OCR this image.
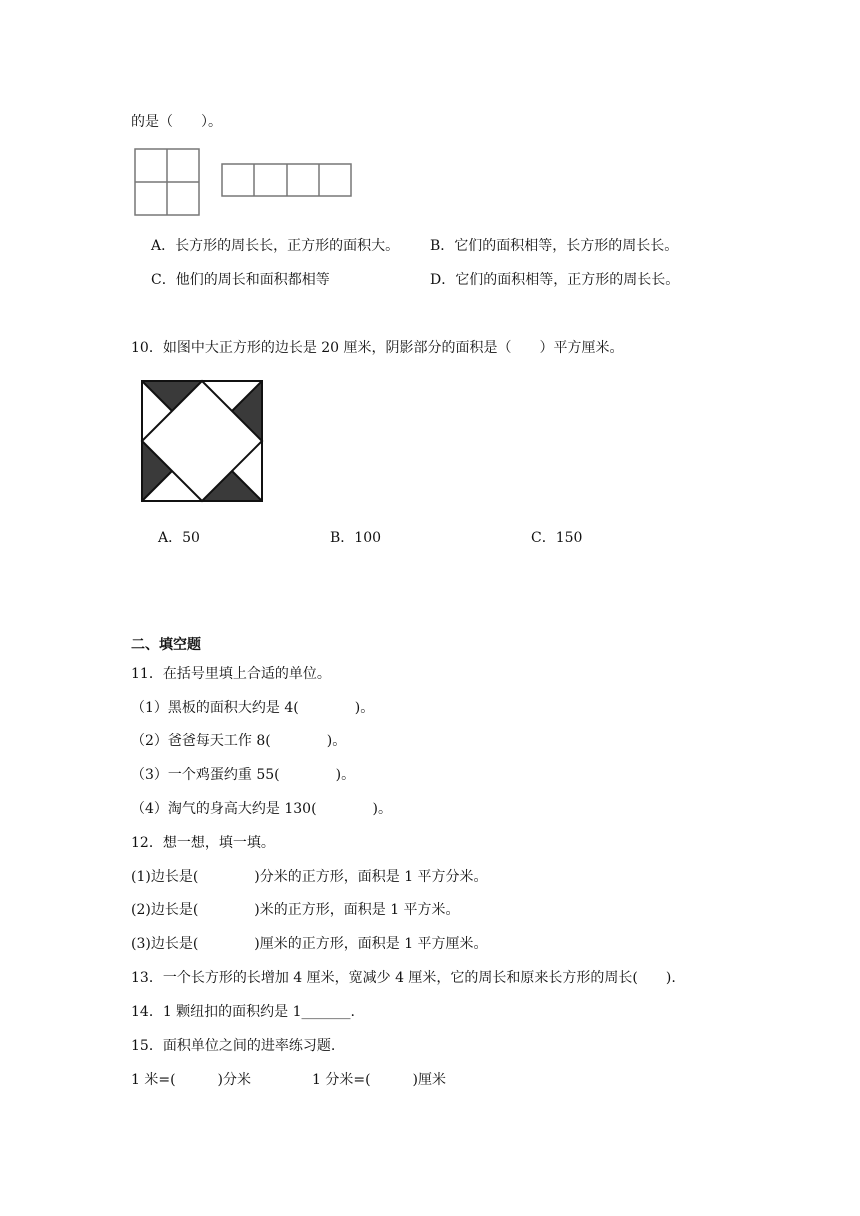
的是（　　）。
A．长方形的周长长，正方形的面积大。 B．它们的面积相等，长方形的周长长。
C．他们的周长和面积都相等	D．它们的面积相等，正方形的周长长。
10．如图中大正方形的边长是 20 厘米，阴影部分的面积是（　　）平方厘米。
A．50	B．100	C．150
二、填空题
11．在括号里填上合适的单位。
（1）黑板的面积大约是 4(　　　　)。
（2）爸爸每天工作 8(　　　　)。
（3）一个鸡蛋约重 55(　　　　)。
（4）淘气的身高大约是 130(　　　　)。
12．想一想，填一填。
(1)边长是(　　　　)分米的正方形，面积是 1 平方分米。
(2)边长是(　　　　)米的正方形，面积是 1 平方米。
(3)边长是(　　　　)厘米的正方形，面积是 1 平方厘米。
13．一个长方形的长增加 4 厘米，宽减少 4 厘米，它的周长和原来长方形的周长(　　).
14．1 颗纽扣的面积约是 1_______.
15．面积单位之间的进率练习题.
1 米=(　　　)分米	1 分米=(　　　)厘米
